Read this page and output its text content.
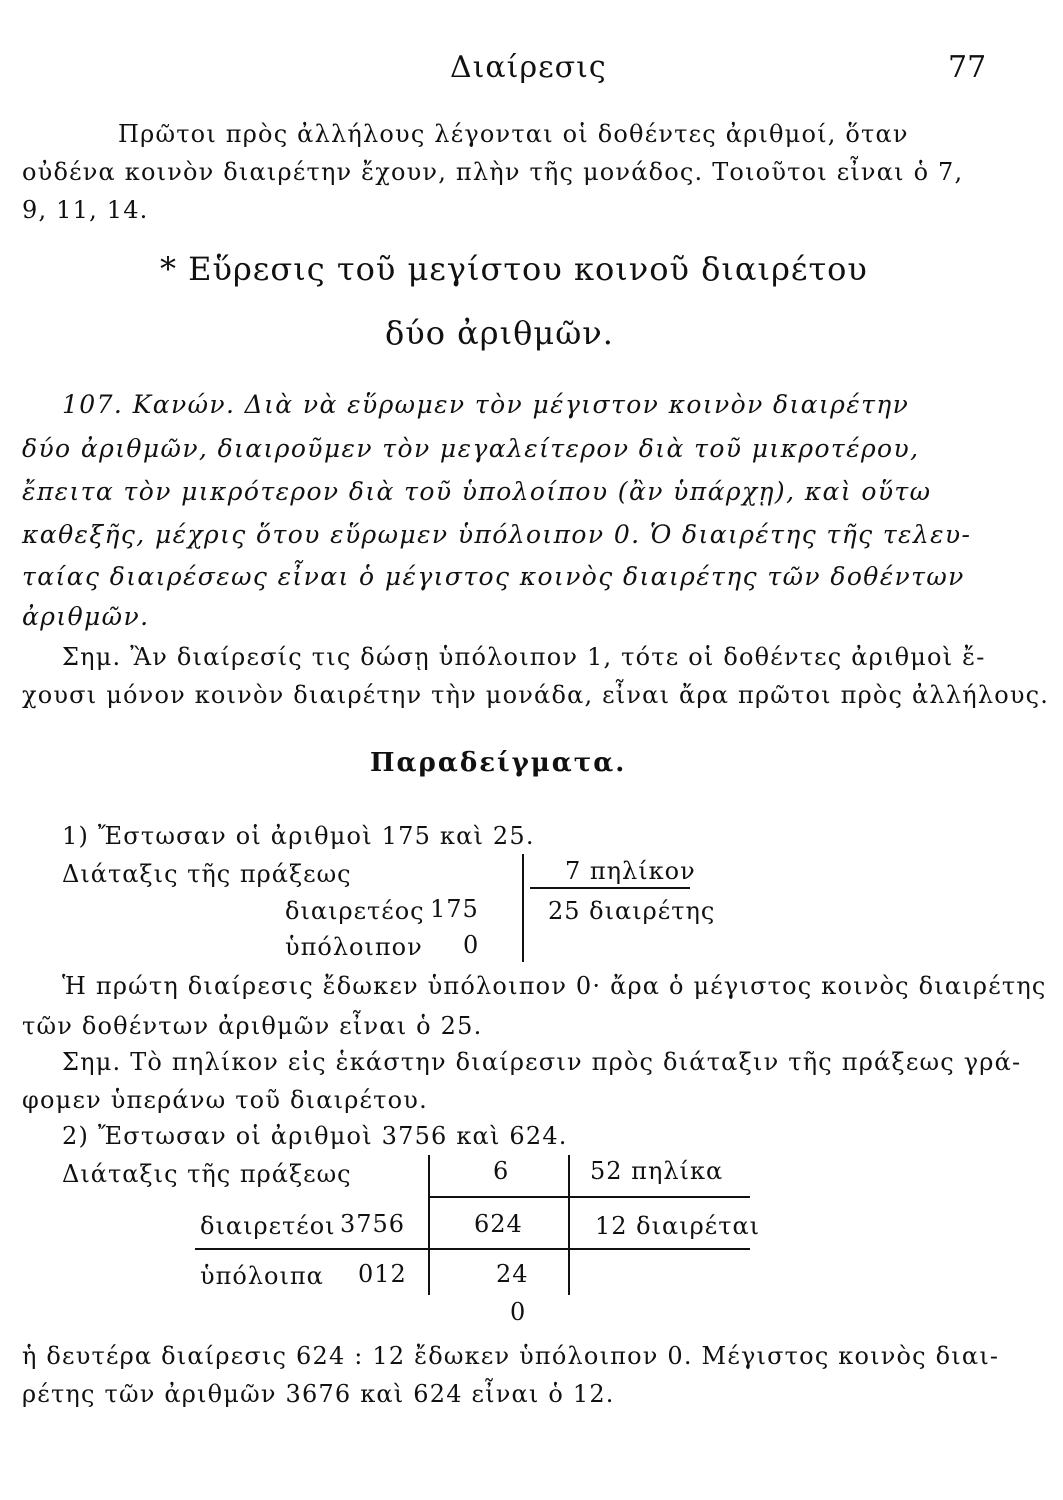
Διαίρεσις	77
Πρῶτοι πρὸς ἀλλήλους λέγονται οἱ δοθέντες ἀριθμοί, ὅταν
οὐδένα κοινὸν διαιρέτην ἔχουν, πλὴν τῆς μονάδος. Τοιοῦτοι εἶναι ὁ 7,
9, 11, 14.
* Εὕρεσις τοῦ μεγίστου κοινοῦ διαιρέτου
δύο ἀριθμῶν.
107. Κανών. Διὰ νὰ εὕρωμεν τὸν μέγιστον κοινὸν διαιρέτην
δύο ἀριθμῶν, διαιροῦμεν τὸν μεγαλείτερον διὰ τοῦ μικροτέρου,
ἔπειτα τὸν μικρότερον διὰ τοῦ ὑπολοίπου (ἂν ὑπάρχῃ), καὶ οὕτω
καθεξῆς, μέχρις ὅτου εὕρωμεν ὑπόλοιπον 0. Ὁ διαιρέτης τῆς τελευ-
ταίας διαιρέσεως εἶναι ὁ μέγιστος κοινὸς διαιρέτης τῶν δοθέντων
ἀριθμῶν.
Σημ. Ἂν διαίρεσίς τις δώσῃ ὑπόλοιπον 1, τότε οἱ δοθέντες ἀριθμοὶ ἔ-
χουσι μόνον κοινὸν διαιρέτην τὴν μονάδα, εἶναι ἄρα πρῶτοι πρὸς ἀλλήλους.
Παραδείγματα.
1) Ἔστωσαν οἱ ἀριθμοὶ 175 καὶ 25.
Διάταξις τῆς πράξεως	7 πηλίκον
διαιρετέος 175	25 διαιρέτης
ὑπόλοιπον 0
Ἡ πρώτη διαίρεσις ἔδωκεν ὑπόλοιπον 0· ἄρα ὁ μέγιστος κοινὸς διαιρέτης
τῶν δοθέντων ἀριθμῶν εἶναι ὁ 25.
Σημ. Τὸ πηλίκον εἰς ἑκάστην διαίρεσιν πρὸς διάταξιν τῆς πράξεως γρά-
φομεν ὑπεράνω τοῦ διαιρέτου.
2) Ἔστωσαν οἱ ἀριθμοὶ 3756 καὶ 624.
Διάταξις τῆς πράξεως	6	52 πηλίκα
διαιρετέοι 3756	624	12 διαιρέται
ὑπόλοιπα 012	24
0
ἡ δευτέρα διαίρεσις 624 : 12 ἔδωκεν ὑπόλοιπον 0. Μέγιστος κοινὸς διαι-
ρέτης τῶν ἀριθμῶν 3676 καὶ 624 εἶναι ὁ 12.
